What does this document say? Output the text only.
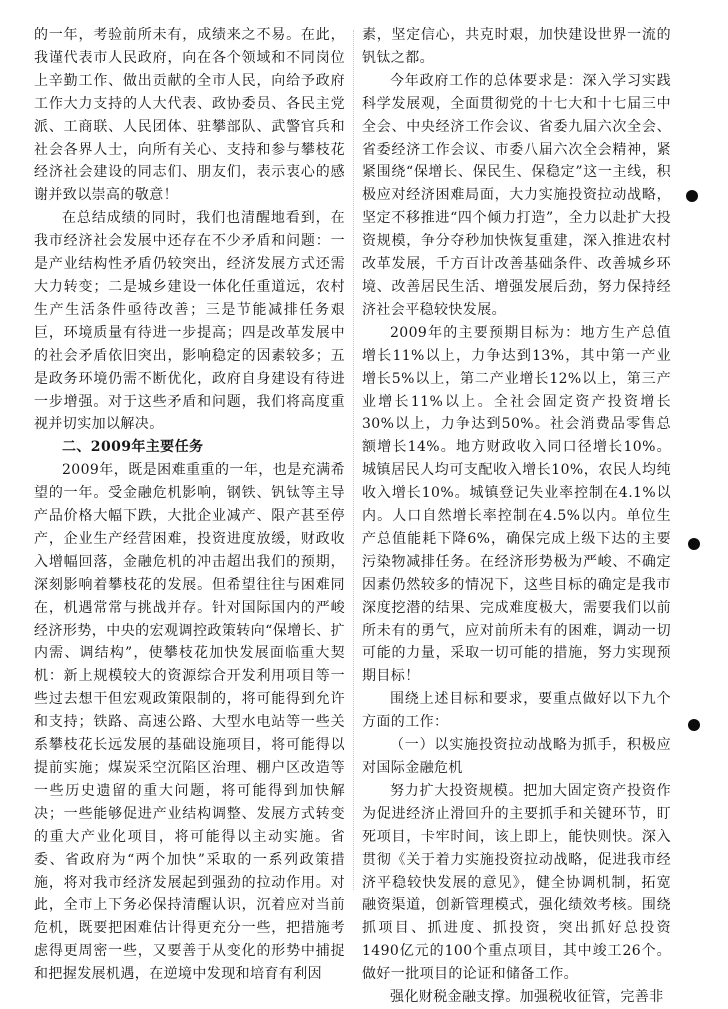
的一年，考验前所未有，成绩来之不易。在此，我谨代表市人民政府，向在各个领域和不同岗位上辛勤工作、做出贡献的全市人民，向给予政府工作大力支持的人大代表、政协委员、各民主党派、工商联、人民团体、驻攀部队、武警官兵和社会各界人士，向所有关心、支持和参与攀枝花经济社会建设的同志们、朋友们，表示衷心的感谢并致以崇高的敬意！

在总结成绩的同时，我们也清醒地看到，在我市经济社会发展中还存在不少矛盾和问题：一是产业结构性矛盾仍较突出，经济发展方式还需大力转变；二是城乡建设一体化任重道远，农村生产生活条件亟待改善；三是节能减排任务艰巨，环境质量有待进一步提高；四是改革发展中的社会矛盾依旧突出，影响稳定的因素较多；五是政务环境仍需不断优化，政府自身建设有待进一步增强。对于这些矛盾和问题，我们将高度重视并切实加以解决。

二、2009年主要任务

2009年，既是困难重重的一年，也是充满希望的一年。受金融危机影响，钢铁、钒钛等主导产品价格大幅下跌，大批企业减产、限产甚至停产，企业生产经营困难，投资进度放缓，财政收入增幅回落，金融危机的冲击超出我们的预期，深刻影响着攀枝花的发展。但希望往往与困难同在，机遇常常与挑战并存。针对国际国内的严峻经济形势，中央的宏观调控政策转向“保增长、扩内需、调结构”，使攀枝花加快发展面临重大契机：新上规模较大的资源综合开发利用项目等一些过去想干但宏观政策限制的，将可能得到允许和支持；铁路、高速公路、大型水电站等一些关系攀枝花长远发展的基础设施项目，将可能得以提前实施；煤炭采空沉陷区治理、棚户区改造等一些历史遗留的重大问题，将可能得到加快解决；一些能够促进产业结构调整、发展方式转变的重大产业化项目，将可能得以主动实施。省委、省政府为“两个加快”采取的一系列政策措施，将对我市经济发展起到强劲的拉动作用。对此，全市上下务必保持清醒认识，沉着应对当前危机，既要把困难估计得更充分一些，把措施考虑得更周密一些，又要善于从变化的形势中捕捉和把握发展机遇，在逆境中发现和培育有利因

素，坚定信心，共克时艰，加快建设世界一流的钒钛之都。

今年政府工作的总体要求是：深入学习实践科学发展观，全面贯彻党的十七大和十七届三中全会、中央经济工作会议、省委九届六次全会、省委经济工作会议、市委八届六次全会精神，紧紧围绕“保增长、保民生、保稳定”这一主线，积极应对经济困难局面，大力实施投资拉动战略，坚定不移推进“四个倾力打造”，全力以赴扩大投资规模，争分夺秒加快恢复重建，深入推进农村改革发展，千方百计改善基础条件、改善城乡环境、改善居民生活、增强发展后劲，努力保持经济社会平稳较快发展。

2009年的主要预期目标为：地方生产总值增长11%以上，力争达到13%，其中第一产业增长5%以上，第二产业增长12%以上，第三产业增长11%以上。全社会固定资产投资增长30%以上，力争达到50%。社会消费品零售总额增长14%。地方财政收入同口径增长10%。城镇居民人均可支配收入增长10%，农民人均纯收入增长10%。城镇登记失业率控制在4.1%以内。人口自然增长率控制在4.5%以内。单位生产总值能耗下降6%，确保完成上级下达的主要污染物减排任务。在经济形势极为严峻、不确定因素仍然较多的情况下，这些目标的确定是我市深度挖潜的结果、完成难度极大，需要我们以前所未有的勇气，应对前所未有的困难，调动一切可能的力量，采取一切可能的措施，努力实现预期目标！

围绕上述目标和要求，要重点做好以下九个方面的工作：

（一）以实施投资拉动战略为抓手，积极应对国际金融危机

努力扩大投资规模。把加大固定资产投资作为促进经济止滑回升的主要抓手和关键环节，盯死项目，卡牢时间，该上即上，能快则快。深入贯彻《关于着力实施投资拉动战略，促进我市经济平稳较快发展的意见》，健全协调机制，拓宽融资渠道，创新管理模式，强化绩效考核。围绕抓项目、抓进度、抓投资，突出抓好总投资1490亿元的100个重点项目，其中竣工26个。做好一批项目的论证和储备工作。

强化财税金融支撑。加强税收征管，完善非
